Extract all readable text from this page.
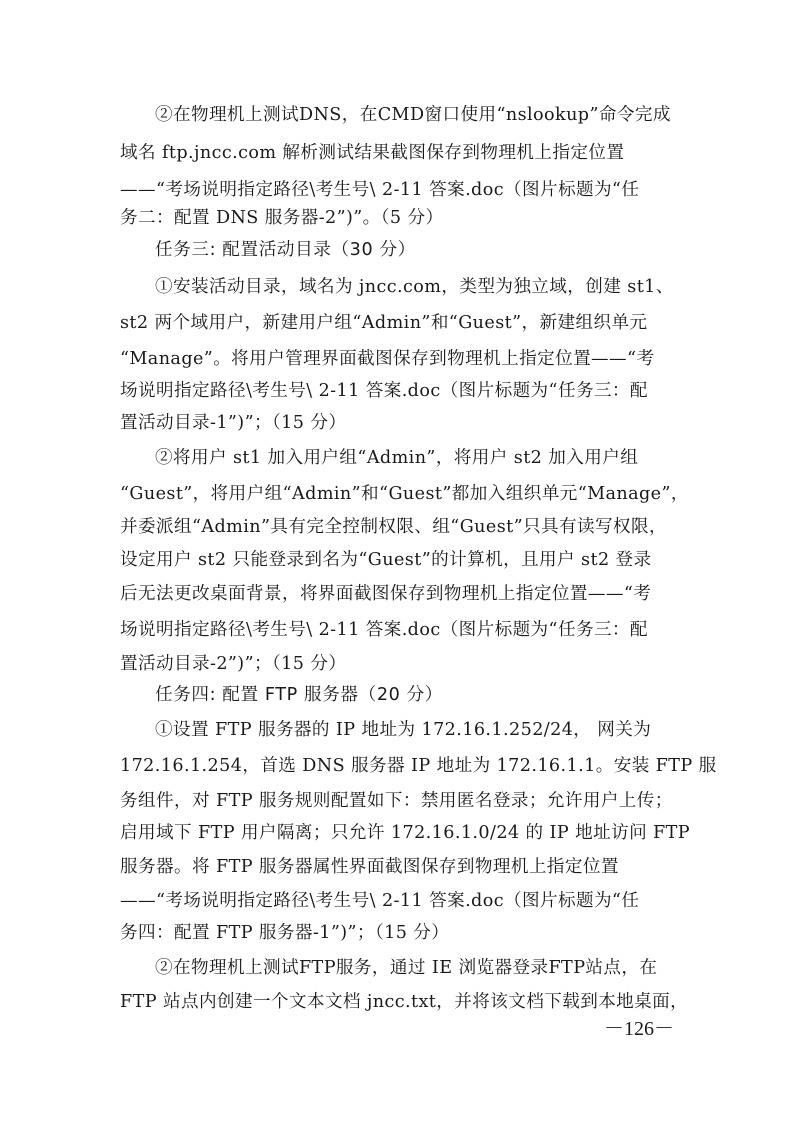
②在物理机上测试DNS，在CMD窗口使用“nslookup”命令完成
域名 ftp.jncc.com 解析测试结果截图保存到物理机上指定位置
——“考场说明指定路径\考生号\ 2-11 答案.doc（图片标题为“任
务二：配置 DNS 服务器-2”)”。（5 分）
任务三: 配置活动目录（30 分）
①安装活动目录，域名为 jncc.com，类型为独立域，创建 st1、
st2 两个域用户，新建用户组“Admin”和“Guest”，新建组织单元
“Manage”。将用户管理界面截图保存到物理机上指定位置——“考
场说明指定路径\考生号\ 2-11 答案.doc（图片标题为“任务三：配
置活动目录-1”)”；（15 分）
②将用户 st1 加入用户组“Admin”，将用户 st2 加入用户组
“Guest”，将用户组“Admin”和“Guest”都加入组织单元“Manage”，
并委派组“Admin”具有完全控制权限、组“Guest”只具有读写权限，
设定用户 st2 只能登录到名为“Guest”的计算机，且用户 st2 登录
后无法更改桌面背景，将界面截图保存到物理机上指定位置——“考
场说明指定路径\考生号\ 2-11 答案.doc（图片标题为“任务三：配
置活动目录-2”)”；（15 分）
任务四: 配置 FTP 服务器（20 分）
①设置 FTP 服务器的 IP 地址为 172.16.1.252/24， 网关为
172.16.1.254，首选 DNS 服务器 IP 地址为 172.16.1.1。安装 FTP 服
务组件，对 FTP 服务规则配置如下：禁用匿名登录；允许用户上传；
启用域下 FTP 用户隔离；只允许 172.16.1.0/24 的 IP 地址访问 FTP
服务器。将 FTP 服务器属性界面截图保存到物理机上指定位置
——“考场说明指定路径\考生号\ 2-11 答案.doc（图片标题为“任
务四：配置 FTP 服务器-1”)”；（15 分）
②在物理机上测试FTP服务，通过 IE 浏览器登录FTP站点，在
FTP 站点内创建一个文本文档 jncc.txt，并将该文档下载到本地桌面，
－126－
